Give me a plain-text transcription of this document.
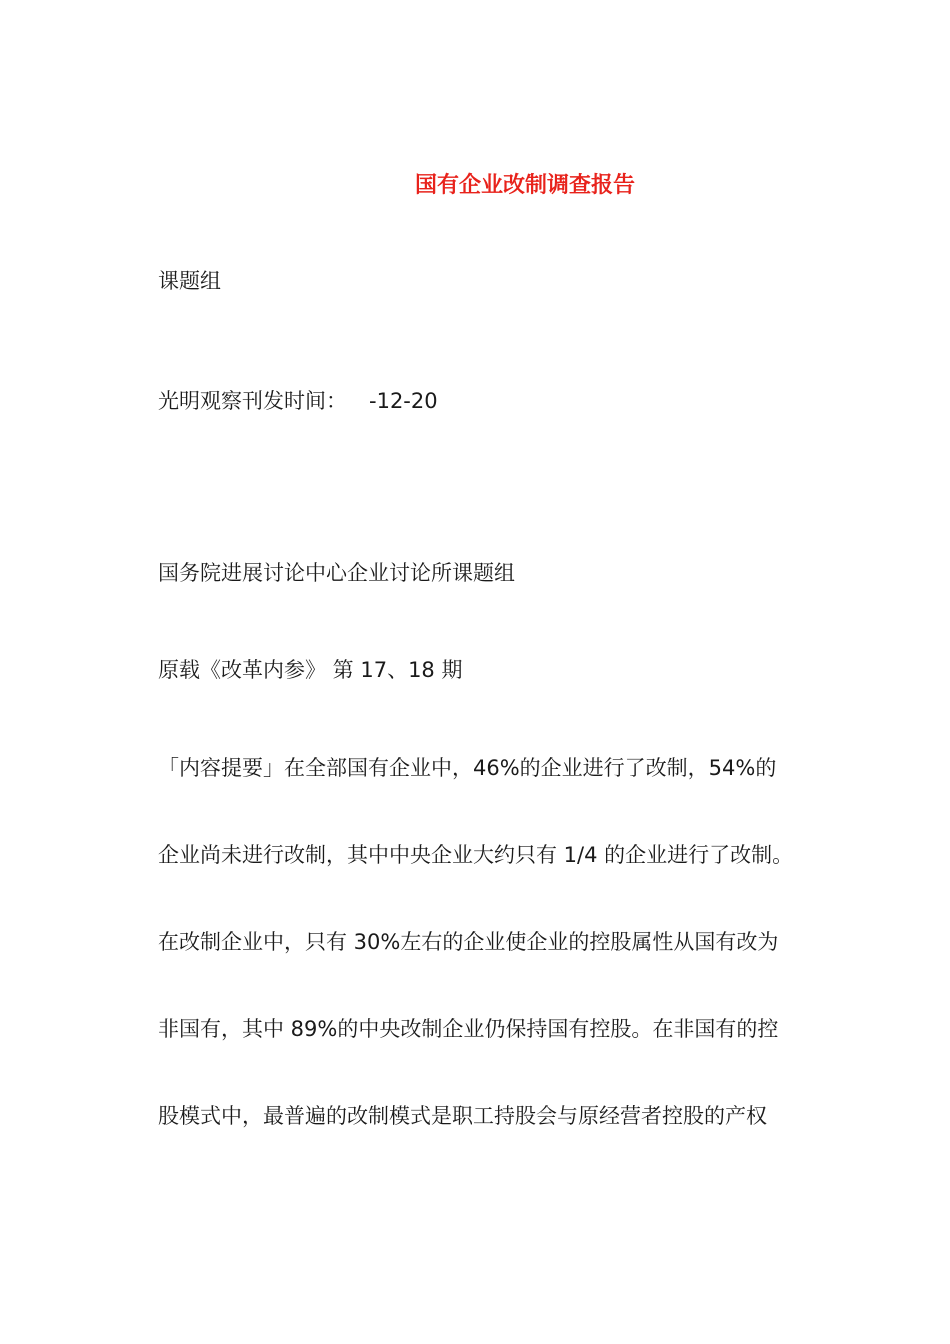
国有企业改制调查报告
课题组
光明观察刊发时间： -12-20
国务院进展讨论中心企业讨论所课题组
原载《改革内参》 第 17、18 期
「内容提要」在全部国有企业中，46%的企业进行了改制，54%的
企业尚未进行改制，其中中央企业大约只有 1/4 的企业进行了改制。
在改制企业中，只有 30%左右的企业使企业的控股属性从国有改为
非国有，其中 89%的中央改制企业仍保持国有控股。在非国有的控
股模式中，最普遍的改制模式是职工持股会与原经营者控股的产权
